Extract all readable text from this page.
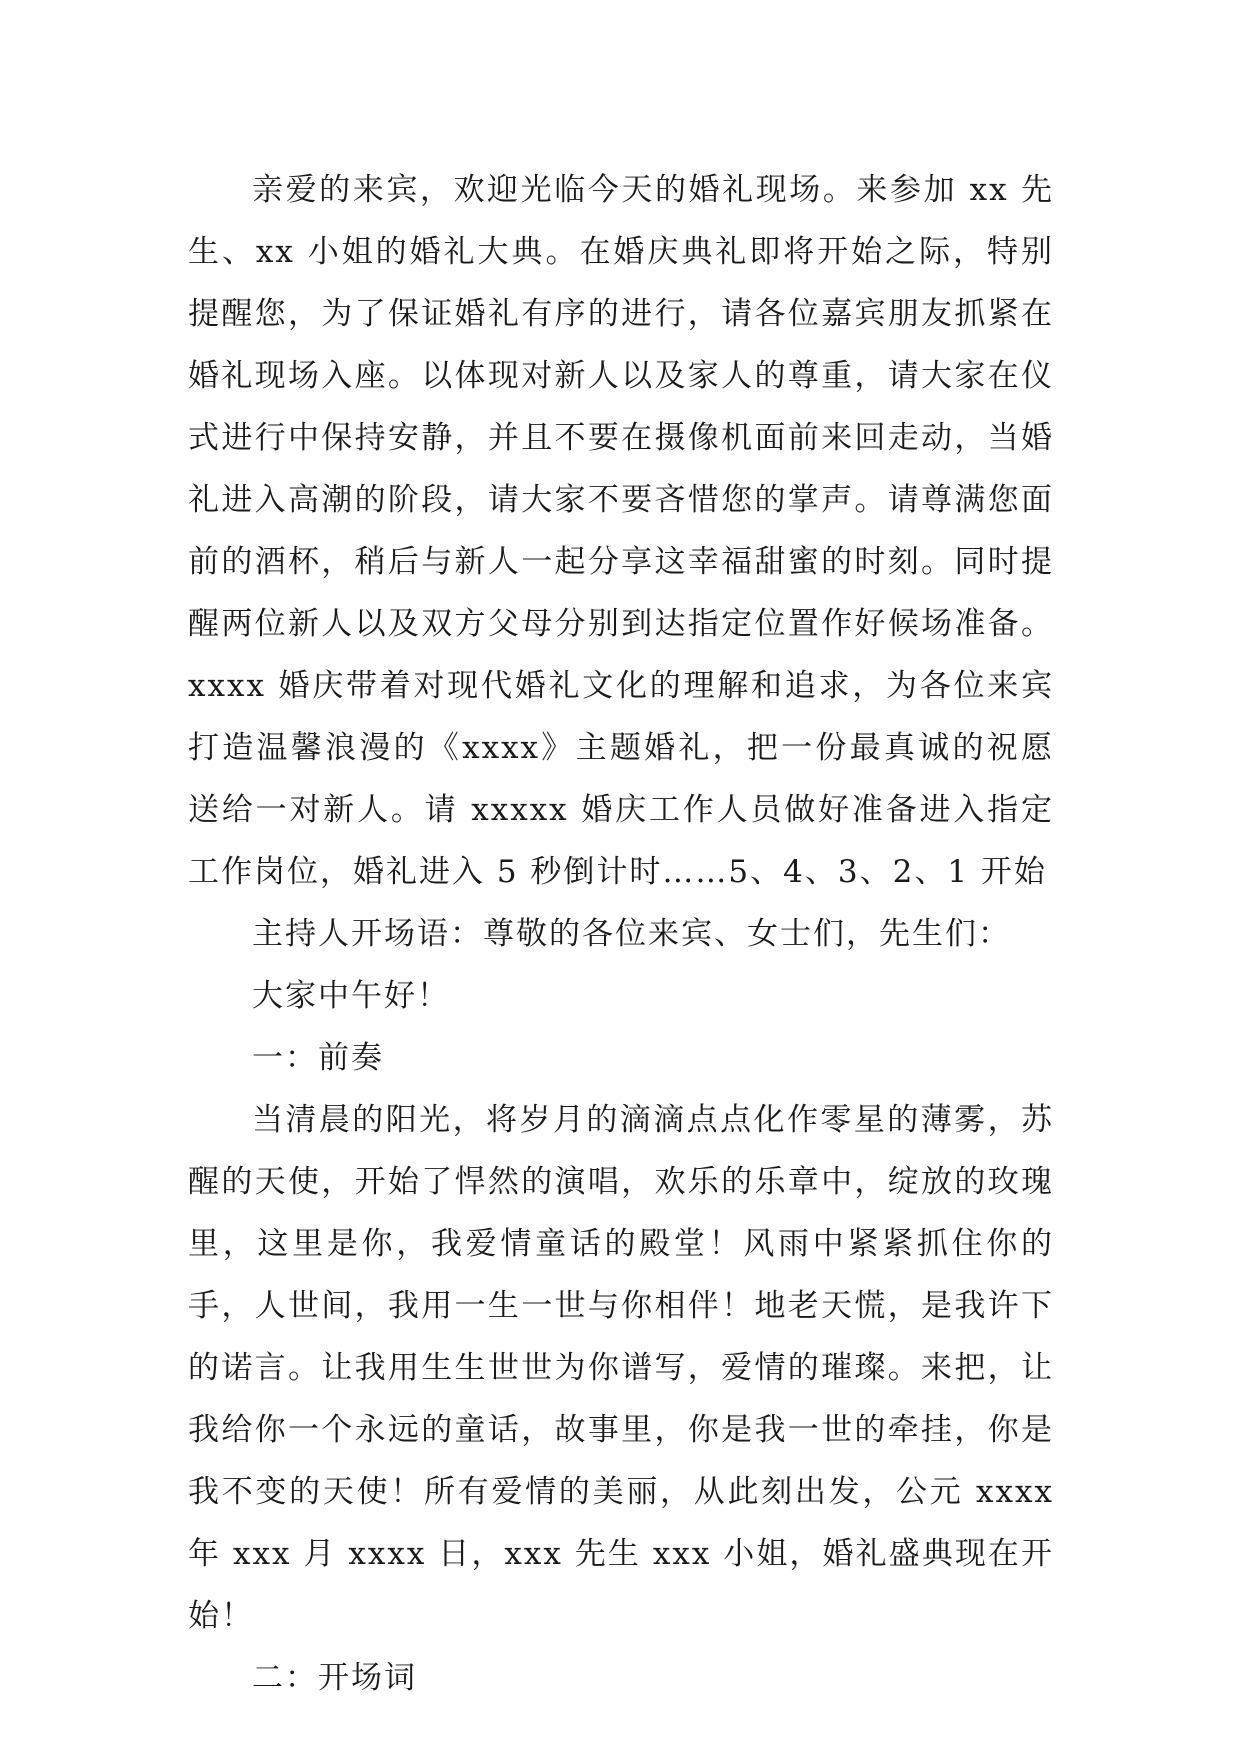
亲爱的来宾，欢迎光临今天的婚礼现场。来参加 xx 先生、xx 小姐的婚礼大典。在婚庆典礼即将开始之际，特别提醒您，为了保证婚礼有序的进行，请各位嘉宾朋友抓紧在婚礼现场入座。以体现对新人以及家人的尊重，请大家在仪式进行中保持安静，并且不要在摄像机面前来回走动，当婚礼进入高潮的阶段，请大家不要吝惜您的掌声。请尊满您面前的酒杯，稍后与新人一起分享这幸福甜蜜的时刻。同时提醒两位新人以及双方父母分别到达指定位置作好候场准备。xxxx 婚庆带着对现代婚礼文化的理解和追求，为各位来宾打造温馨浪漫的《xxxx》主题婚礼，把一份最真诚的祝愿送给一对新人。请 xxxxx 婚庆工作人员做好准备进入指定工作岗位，婚礼进入 5 秒倒计时……5、4、3、2、1 开始

主持人开场语：尊敬的各位来宾、女士们，先生们：

大家中午好！

一：前奏

当清晨的阳光，将岁月的滴滴点点化作零星的薄雾，苏醒的天使，开始了悍然的演唱，欢乐的乐章中，绽放的玫瑰里，这里是你，我爱情童话的殿堂！风雨中紧紧抓住你的手，人世间，我用一生一世与你相伴！地老天慌，是我许下的诺言。让我用生生世世为你谱写，爱情的璀璨。来把，让我给你一个永远的童话，故事里，你是我一世的牵挂，你是我不变的天使！所有爱情的美丽，从此刻出发，公元 xxxx 年 xxx 月 xxxx 日，xxx 先生 xxx 小姐，婚礼盛典现在开始！

二：开场词
